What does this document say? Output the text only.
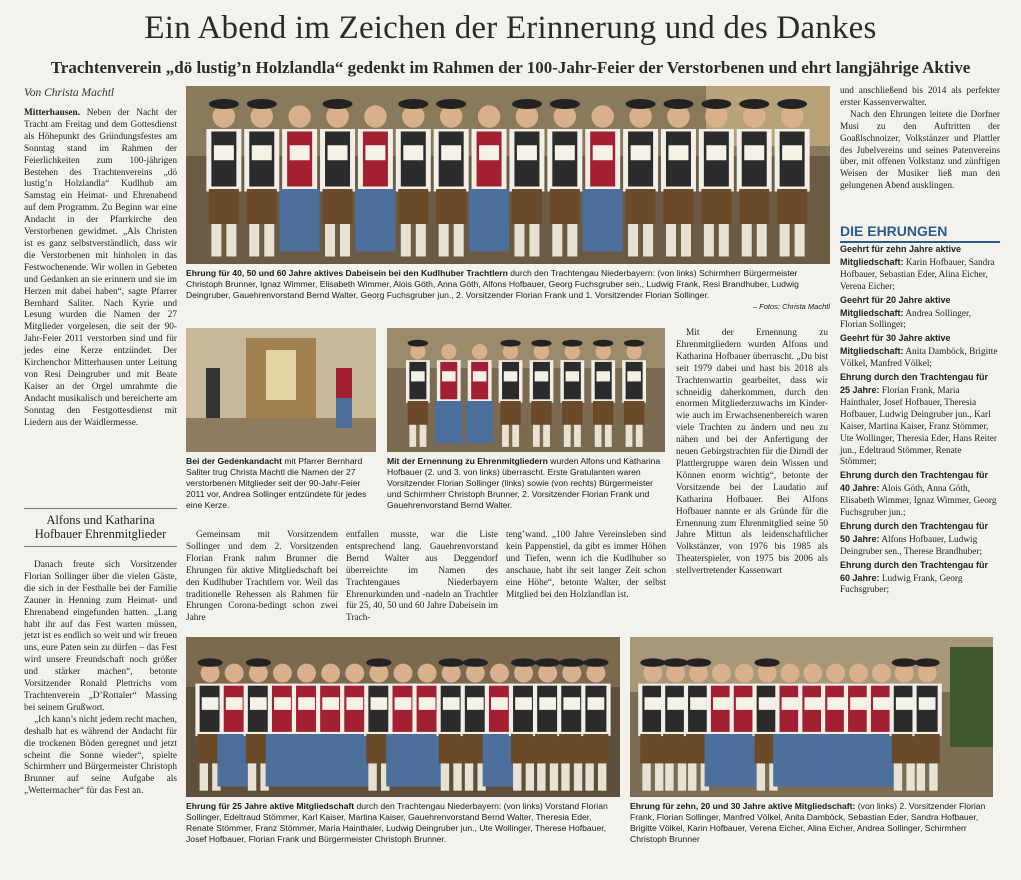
Ein Abend im Zeichen der Erinnerung und des Dankes
Trachtenverein „dö lustig’n Holzlandla“ gedenkt im Rahmen der 100-Jahr-Feier der Verstorbenen und ehrt langjährige Aktive
Von Christa Machtl

Mitterhausen. Neben der Nacht der Tracht am Freitag und dem Gottesdienst als Höhepunkt des Gründungsfestes am Sonntag stand im Rahmen der Feierlichkeiten zum 100-jährigen Bestehen des Trachtenvereins „dö lustig’n Holzlandla“ Kudlhub am Samstag ein Heimat- und Ehrenabend auf dem Programm. Zu Beginn war eine Andacht in der Pfarrkirche den Verstorbenen gewidmet. „Als Christen ist es ganz selbstverständlich, dass wir die Verstorbenen mit hinholen in das Festwochenende. Wir wollen in Gebeten und Gedanken an sie erinnern und sie im Herzen mit dabei haben“, sagte Pfarrer Bernhard Saliter. Nach Kyrie und Lesung wurden die Namen der 27 Mitglieder vorgelesen, die seit der 90-Jahr-Feier 2011 verstorben sind und für jedes eine Kerze entzündet. Der Kirchenchor Mitterhausen unter Leitung von Resi Deingruber und mit Beate Kaiser an der Orgel umrahmte die Andacht musikalisch und bereicherte am Sonntag den Festgottesdienst mit Liedern aus der Waidlermesse.

Alfons und Katharina Hofbauer Ehrenmitglieder

Danach freute sich Vorsitzender Florian Sollinger über die vielen Gäste, die sich in der Festhalle bei der Familie Zauner in Henning zum Heimat- und Ehrenabend eingefunden hatten. „Lang habt ihr auf das Fest warten müssen, jetzt ist es endlich so weit und wir freuen uns, eure Paten sein zu dürfen – das Fest wird unsere Freundschaft noch größer und stärker machen“, betonte Vorsitzender Ronald Plettrichs vom Trachtenverein „D’Rottaler“ Massing bei seinem Grußwort.

„Ich kann’s nicht jedem recht machen, deshalb hat es während der Andacht für die trockenen Böden geregnet und jetzt scheint die Sonne wieder“, spielte Schirmherr und Bürgermeister Christoph Brunner auf seine Aufgabe als „Wettermacher“ für das Fest an.

Ehrung für 40, 50 und 60 Jahre aktives Dabeisein bei den Kudlhuber Trachtlern durch den Trachtengau Niederbayern: (von links) Schirmherr Bürgermeister Christoph Brunner, Ignaz Wimmer, Elisabeth Wimmer, Alois Göth, Anna Göth, Alfons Hofbauer, Georg Fuchsgruber sen., Ludwig Frank, Resi Brandhuber, Ludwig Deingruber, Gauehrenvorstand Bernd Walter, Georg Fuchsgruber jun., 2. Vorsitzender Florian Frank und 1. Vorsitzender Florian Sollinger.
– Fotos: Christa Machtl
Bei der Gedenkandacht mit Pfarrer Bernhard Saliter trug Christa Machtl die Namen der 27 verstorbenen Mitglieder seit der 90-Jahr-Feier 2011 vor, Andrea Sollinger entzündete für jedes eine Kerze.
Mit der Ernennung zu Ehrenmitgliedern wurden Alfons und Katharina Hofbauer (2. und 3. von links) überrascht. Erste Gratulanten waren Vorsitzender Florian Sollinger (links) sowie (von rechts) Bürgermeister und Schirmherr Christoph Brunner, 2. Vorsitzender Florian Frank und Gauehrenvorstand Bernd Walter.

Gemeinsam mit Vorsitzendem Sollinger und dem 2. Vorsitzenden Florian Frank nahm Brunner die Ehrungen für aktive Mitgliedschaft bei den Kudlhuber Trachtlern vor. Weil das traditionelle Rehessen als Rahmen für Ehrungen Corona-bedingt schon zwei Jahre

entfallen musste, war die Liste entsprechend lang. Gauehrenvorstand Bernd Walter aus Deggendorf überreichte im Namen des Trachtengaues Niederbayern Ehrenurkunden und -nadeln an Trachtler für 25, 40, 50 und 60 Jahre Dabeisein im Trach-

teng’wand. „100 Jahre Vereinsleben sind kein Pappenstiel, da gibt es immer Höhen und Tiefen, wenn ich die Kudlhuber so anschaue, habt ihr seit langer Zeit schon eine Höhe“, betonte Walter, der selbst Mitglied bei den Holzlandlan ist.

Mit der Ernennung zu Ehrenmitgliedern wurden Alfons und Katharina Hofbauer überrascht. „Du bist seit 1979 dabei und hast bis 2018 als Trachtenwartin gearbeitet, dass wir schneidig daherkommen, durch den enormen Mitgliederzuwachs im Kinder- wie auch im Erwachsenenbereich waren viele Trachten zu ändern und neu zu nähen und bei der Anfertigung der neuen Gebirgstrachten für die Dirndl der Plattlergruppe waren dein Wissen und Können enorm wichtig“, betonte der Vorsitzende bei der Laudatio auf Katharina Hofbauer. Bei Alfons Hofbauer nannte er als Gründe für die Ernennung zum Ehrenmitglied seine 50 Jahre Mittun als leidenschaftlicher Volkstänzer, von 1976 bis 1985 als Theaterspieler, von 1975 bis 2006 als stellvertretender Kassenwart

und anschließend bis 2014 als perfekter erster Kassenverwalter.

Nach den Ehrungen leitete die Dorfner Musi zu den Auftritten der Goaßlschnoizer, Volkstänzer und Plattler des Jubelvereins und seines Patenvereins über, mit offenen Volkstanz und zünftigen Weisen der Musiker ließ man den gelungenen Abend ausklingen.

DIE EHRUNGEN

Geehrt für zehn Jahre aktive Mitgliedschaft: Karin Hofbauer, Sandra Hofbauer, Sebastian Eder, Alina Eicher, Verena Eicher;

Geehrt für 20 Jahre aktive Mitgliedschaft: Andrea Sollinger, Florian Sollinger;

Geehrt für 30 Jahre aktive Mitgliedschaft: Anita Damböck, Brigitte Völkel, Manfred Völkel;

Ehrung durch den Trachtengau für 25 Jahre: Florian Frank, Maria Hainthaler, Josef Hofbauer, Theresia Hofbauer, Ludwig Deingruber jun., Karl Kaiser, Martina Kaiser, Franz Stömmer, Ute Wollinger, Theresia Eder, Hans Reiter jun., Edeltraud Stömmer, Renate Stömmer;

Ehrung durch den Trachtengau für 40 Jahre: Alois Göth, Anna Göth, Elisabeth Wimmer, Ignaz Wimmer, Georg Fuchsgruber jun.;

Ehrung durch den Trachtengau für 50 Jahre: Alfons Hofbauer, Ludwig Deingruber sen., Therese Brandhuber;

Ehrung durch den Trachtengau für 60 Jahre: Ludwig Frank, Georg Fuchsgruber;

Ehrung für 25 Jahre aktive Mitgliedschaft durch den Trachtengau Niederbayern: (von links) Vorstand Florian Sollinger, Edeltraud Stömmer, Karl Kaiser, Martina Kaiser, Gauehrenvorstand Bernd Walter, Theresia Eder, Renate Stömmer, Franz Stömmer, Maria Hainthaler, Ludwig Deingruber jun., Ute Wollinger, Therese Hofbauer, Josef Hofbauer, Florian Frank und Bürgermeister Christoph Brunner.
Ehrung für zehn, 20 und 30 Jahre aktive Mitgliedschaft: (von links) 2. Vorsitzender Florian Frank, Florian Sollinger, Manfred Völkel, Anita Damböck, Sebastian Eder, Sandra Hofbauer, Brigitte Völkel, Karin Hofbauer, Verena Eicher, Alina Eicher, Andrea Sollinger, Schirmherr Christoph Brunner
